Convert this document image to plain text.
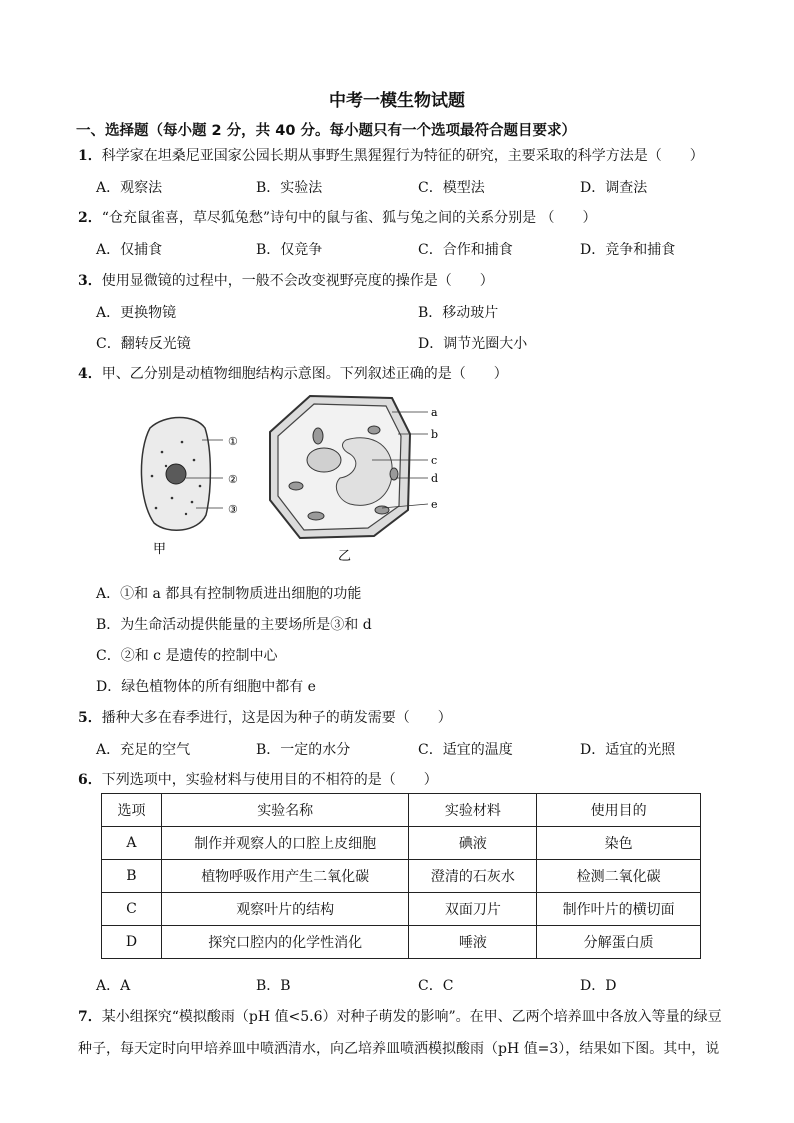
中考一模生物试题
一、选择题（每小题 2 分，共 40 分。每小题只有一个选项最符合题目要求）
1．科学家在坦桑尼亚国家公园长期从事野生黑猩猩行为特征的研究，主要采取的科学方法是（　　）
A．观察法	B．实验法	C．模型法	D．调查法
2．“仓充鼠雀喜，草尽狐兔愁”诗句中的鼠与雀、狐与兔之间的关系分别是 （　　）
A．仅捕食	B．仅竞争	C．合作和捕食	D．竞争和捕食
3．使用显微镜的过程中，一般不会改变视野亮度的操作是（　　）
A．更换物镜	B．移动玻片
C．翻转反光镜	D．调节光圈大小
4．甲、乙分别是动植物细胞结构示意图。下列叙述正确的是（　　）
①
②
③
甲
a
b
c
d
e
乙
A．①和 a 都具有控制物质进出细胞的功能
B．为生命活动提供能量的主要场所是③和 d
C．②和 c 是遗传的控制中心
D．绿色植物体的所有细胞中都有 e
5．播种大多在春季进行，这是因为种子的萌发需要（　　）
A．充足的空气	B．一定的水分	C．适宜的温度	D．适宜的光照
6．下列选项中，实验材料与使用目的不相符的是（　　）
选项	实验名称	实验材料	使用目的
A	制作并观察人的口腔上皮细胞	碘液	染色
B	植物呼吸作用产生二氧化碳	澄清的石灰水	检测二氧化碳
C	观察叶片的结构	双面刀片	制作叶片的横切面
D	探究口腔内的化学性消化	唾液	分解蛋白质
A．A	B．B	C．C	D．D
7．某小组探究“模拟酸雨（pH 值<5.6）对种子萌发的影响”。在甲、乙两个培养皿中各放入等量的绿豆
种子，每天定时向甲培养皿中喷洒清水，向乙培养皿喷洒模拟酸雨（pH 值=3），结果如下图。其中，说
